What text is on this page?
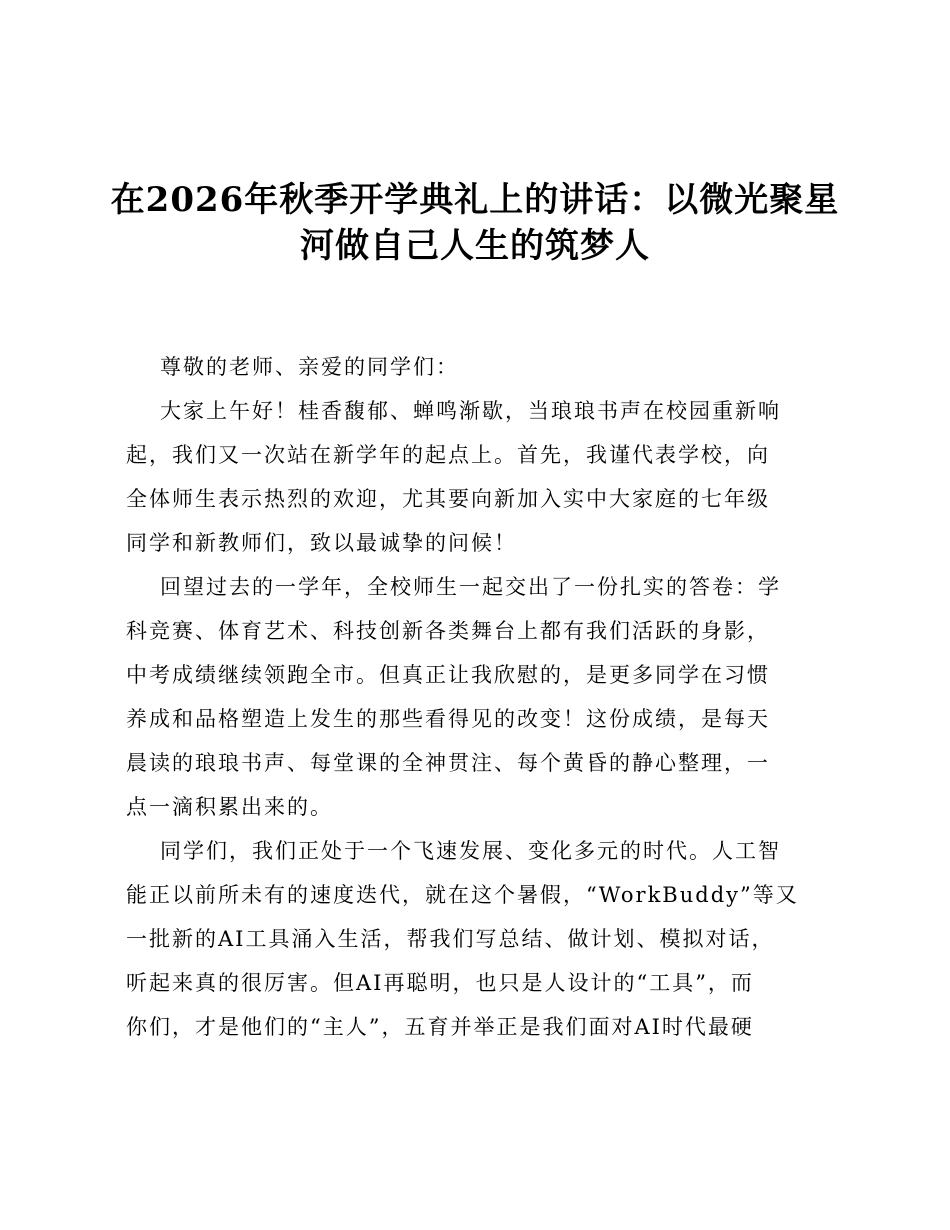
在2026年秋季开学典礼上的讲话：以微光聚星
河做自己人生的筑梦人
尊敬的老师、亲爱的同学们：
大家上午好！桂香馥郁、蝉鸣渐歇，当琅琅书声在校园重新响
起，我们又一次站在新学年的起点上。首先，我谨代表学校，向
全体师生表示热烈的欢迎，尤其要向新加入实中大家庭的七年级
同学和新教师们，致以最诚挚的问候！
回望过去的一学年，全校师生一起交出了一份扎实的答卷：学
科竞赛、体育艺术、科技创新各类舞台上都有我们活跃的身影，
中考成绩继续领跑全市。但真正让我欣慰的，是更多同学在习惯
养成和品格塑造上发生的那些看得见的改变！这份成绩，是每天
晨读的琅琅书声、每堂课的全神贯注、每个黄昏的静心整理，一
点一滴积累出来的。
同学们，我们正处于一个飞速发展、变化多元的时代。人工智
能正以前所未有的速度迭代，就在这个暑假，“WorkBuddy”等又
一批新的AI工具涌入生活，帮我们写总结、做计划、模拟对话，
听起来真的很厉害。但AI再聪明，也只是人设计的“工具”，而
你们，才是他们的“主人”，五育并举正是我们面对AI时代最硬
